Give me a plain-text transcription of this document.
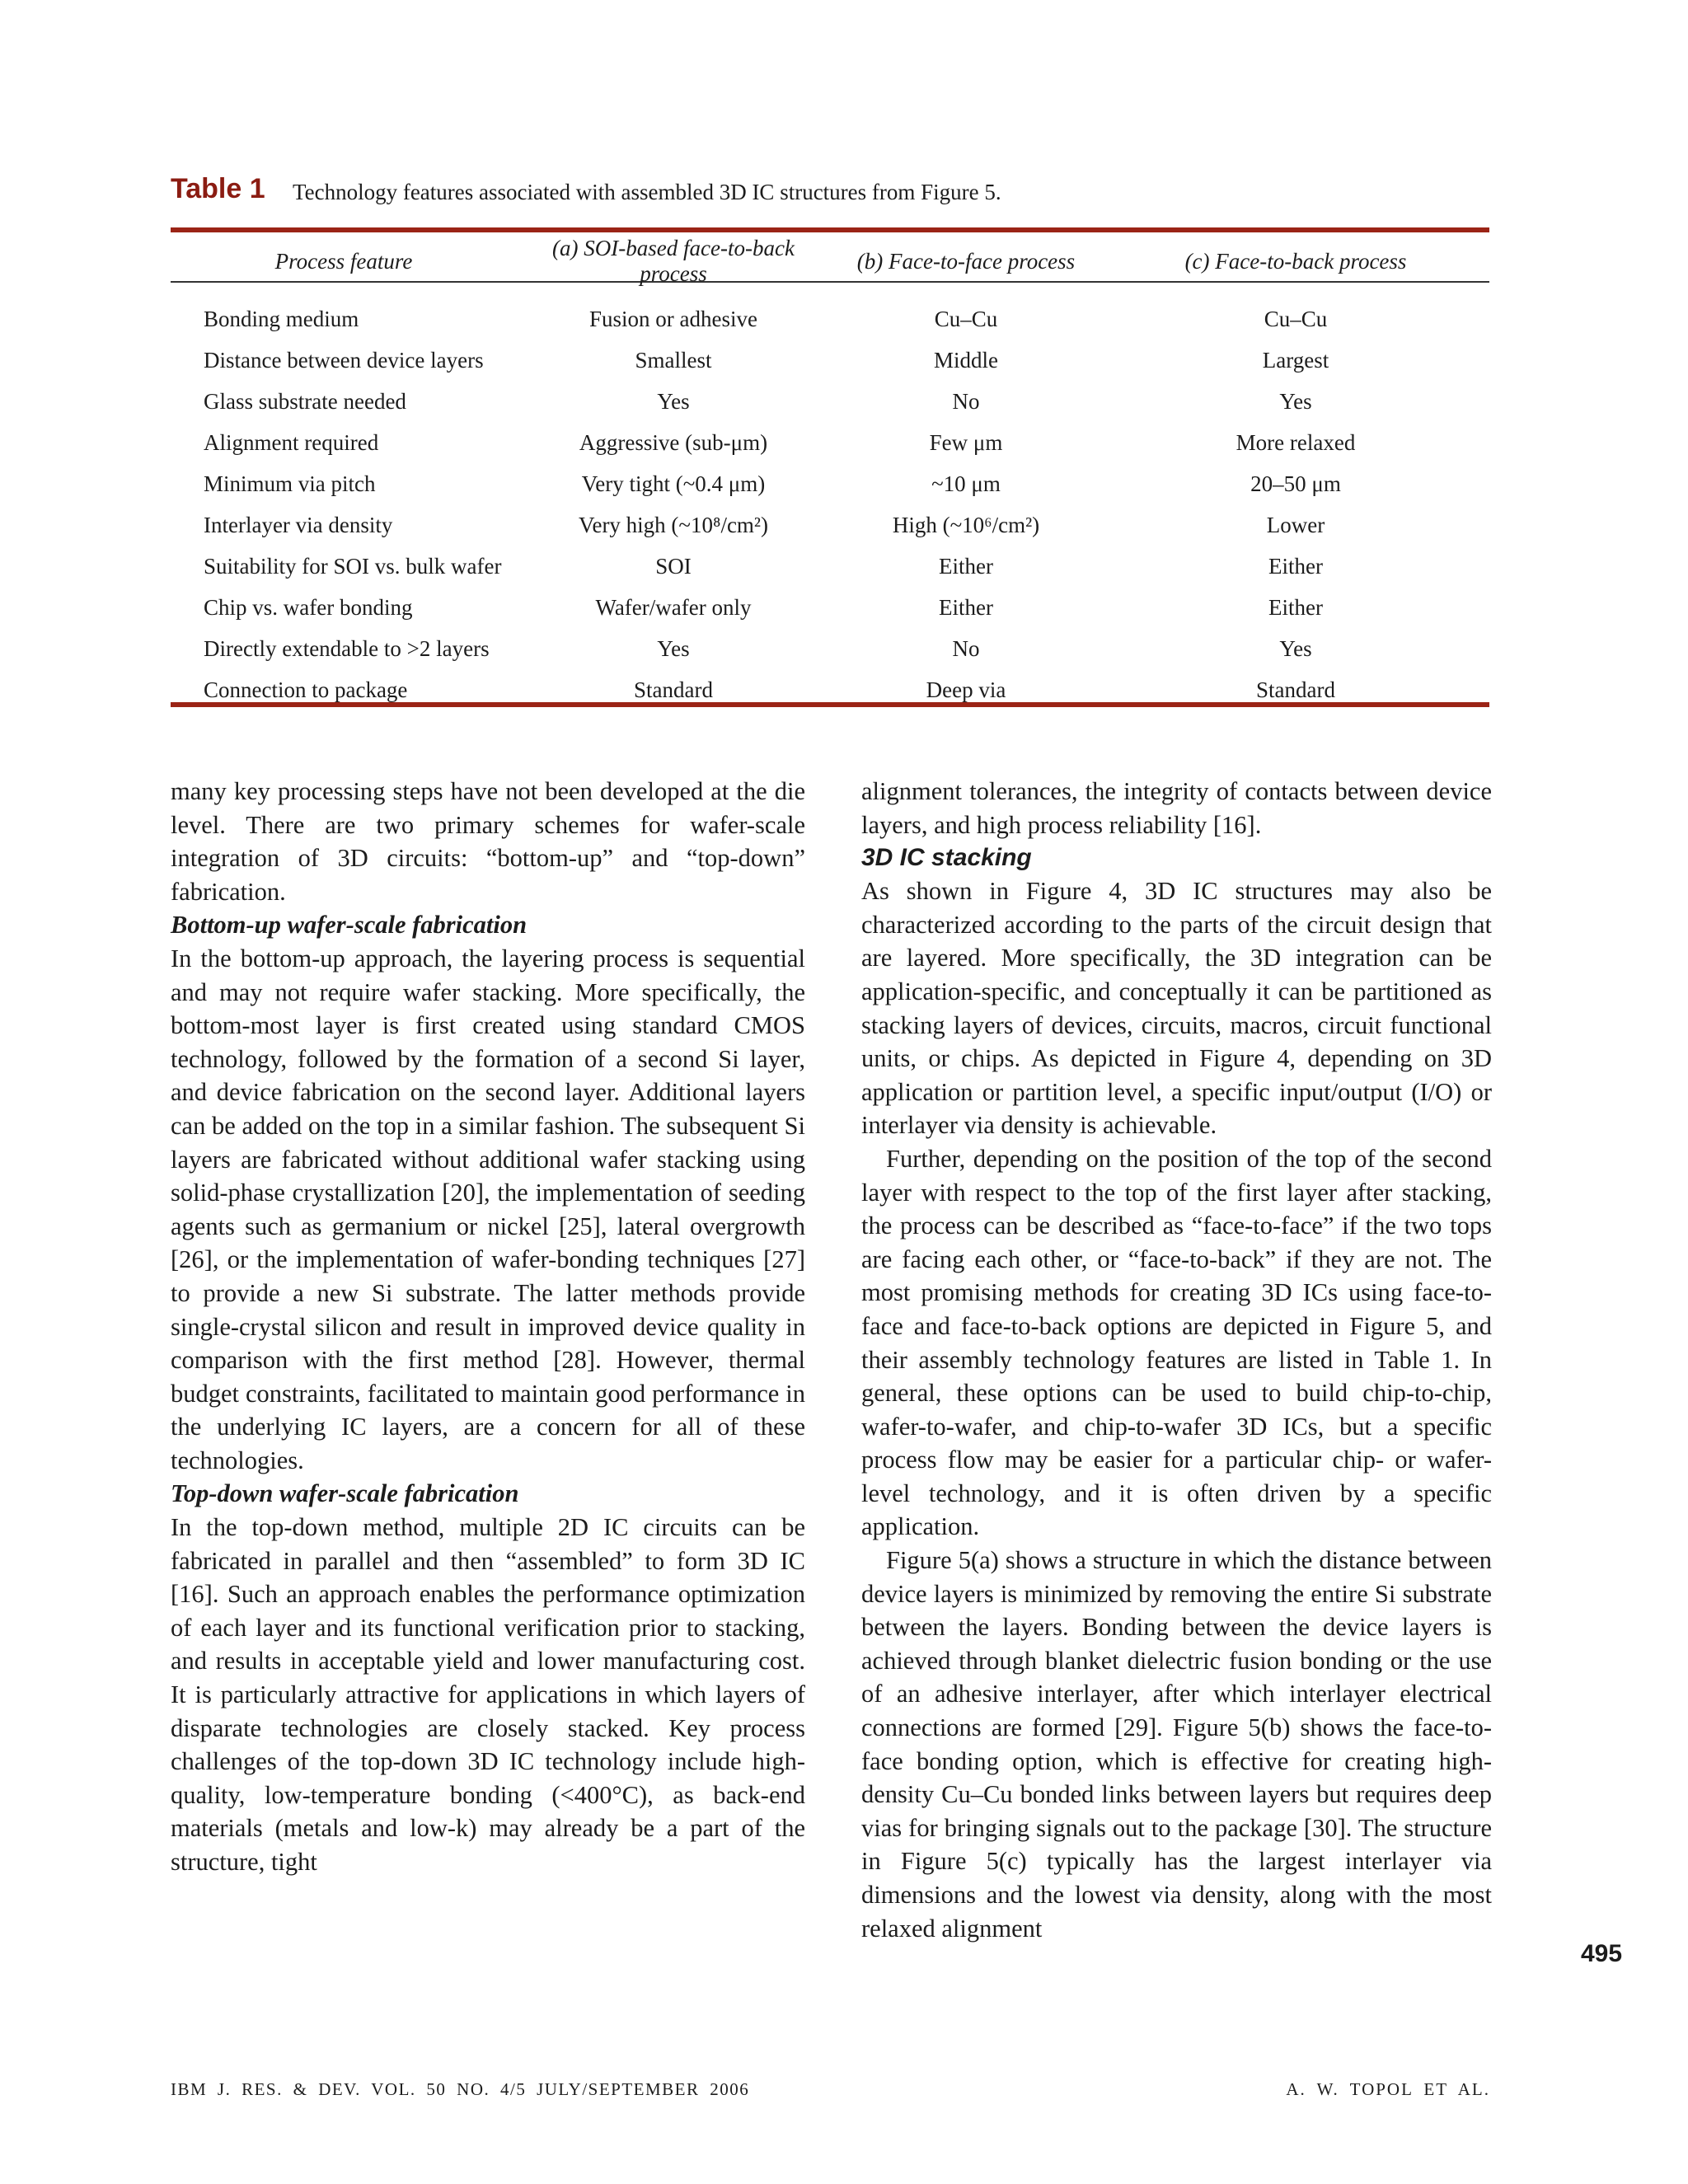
Table 1 Technology features associated with assembled 3D IC structures from Figure 5.
Process feature	(a) SOI-based face-to-back process	(b) Face-to-face process	(c) Face-to-back process
Bonding medium	Fusion or adhesive	Cu–Cu	Cu–Cu
Distance between device layers	Smallest	Middle	Largest
Glass substrate needed	Yes	No	Yes
Alignment required	Aggressive (sub-μm)	Few μm	More relaxed
Minimum via pitch	Very tight (~0.4 μm)	~10 μm	20–50 μm
Interlayer via density	Very high (~10⁸/cm²)	High (~10⁶/cm²)	Lower
Suitability for SOI vs. bulk wafer	SOI	Either	Either
Chip vs. wafer bonding	Wafer/wafer only	Either	Either
Directly extendable to >2 layers	Yes	No	Yes
Connection to package	Standard	Deep via	Standard

many key processing steps have not been developed at the die level. There are two primary schemes for wafer-scale integration of 3D circuits: “bottom-up” and “top-down” fabrication.

Bottom-up wafer-scale fabrication

In the bottom-up approach, the layering process is sequential and may not require wafer stacking. More specifically, the bottom-most layer is first created using standard CMOS technology, followed by the formation of a second Si layer, and device fabrication on the second layer. Additional layers can be added on the top in a similar fashion. The subsequent Si layers are fabricated without additional wafer stacking using solid-phase crystallization [20], the implementation of seeding agents such as germanium or nickel [25], lateral overgrowth [26], or the implementation of wafer-bonding techniques [27] to provide a new Si substrate. The latter methods provide single-crystal silicon and result in improved device quality in comparison with the first method [28]. However, thermal budget constraints, facilitated to maintain good performance in the underlying IC layers, are a concern for all of these technologies.

Top-down wafer-scale fabrication

In the top-down method, multiple 2D IC circuits can be fabricated in parallel and then “assembled” to form 3D IC [16]. Such an approach enables the performance optimization of each layer and its functional verification prior to stacking, and results in acceptable yield and lower manufacturing cost. It is particularly attractive for applications in which layers of disparate technologies are closely stacked. Key process challenges of the top-down 3D IC technology include high-quality, low-temperature bonding (<400°C), as back-end materials (metals and low-k) may already be a part of the structure, tight

alignment tolerances, the integrity of contacts between device layers, and high process reliability [16].

3D IC stacking

As shown in Figure 4, 3D IC structures may also be characterized according to the parts of the circuit design that are layered. More specifically, the 3D integration can be application-specific, and conceptually it can be partitioned as stacking layers of devices, circuits, macros, circuit functional units, or chips. As depicted in Figure 4, depending on 3D application or partition level, a specific input/output (I/O) or interlayer via density is achievable.

Further, depending on the position of the top of the second layer with respect to the top of the first layer after stacking, the process can be described as “face-to-face” if the two tops are facing each other, or “face-to-back” if they are not. The most promising methods for creating 3D ICs using face-to-face and face-to-back options are depicted in Figure 5, and their assembly technology features are listed in Table 1. In general, these options can be used to build chip-to-chip, wafer-to-wafer, and chip-to-wafer 3D ICs, but a specific process flow may be easier for a particular chip- or wafer-level technology, and it is often driven by a specific application.

Figure 5(a) shows a structure in which the distance between device layers is minimized by removing the entire Si substrate between the layers. Bonding between the device layers is achieved through blanket dielectric fusion bonding or the use of an adhesive interlayer, after which interlayer electrical connections are formed [29]. Figure 5(b) shows the face-to-face bonding option, which is effective for creating high-density Cu–Cu bonded links between layers but requires deep vias for bringing signals out to the package [30]. The structure in Figure 5(c) typically has the largest interlayer via dimensions and the lowest via density, along with the most relaxed alignment

495
IBM J. RES. & DEV. VOL. 50 NO. 4/5 JULY/SEPTEMBER 2006	A. W. TOPOL ET AL.
